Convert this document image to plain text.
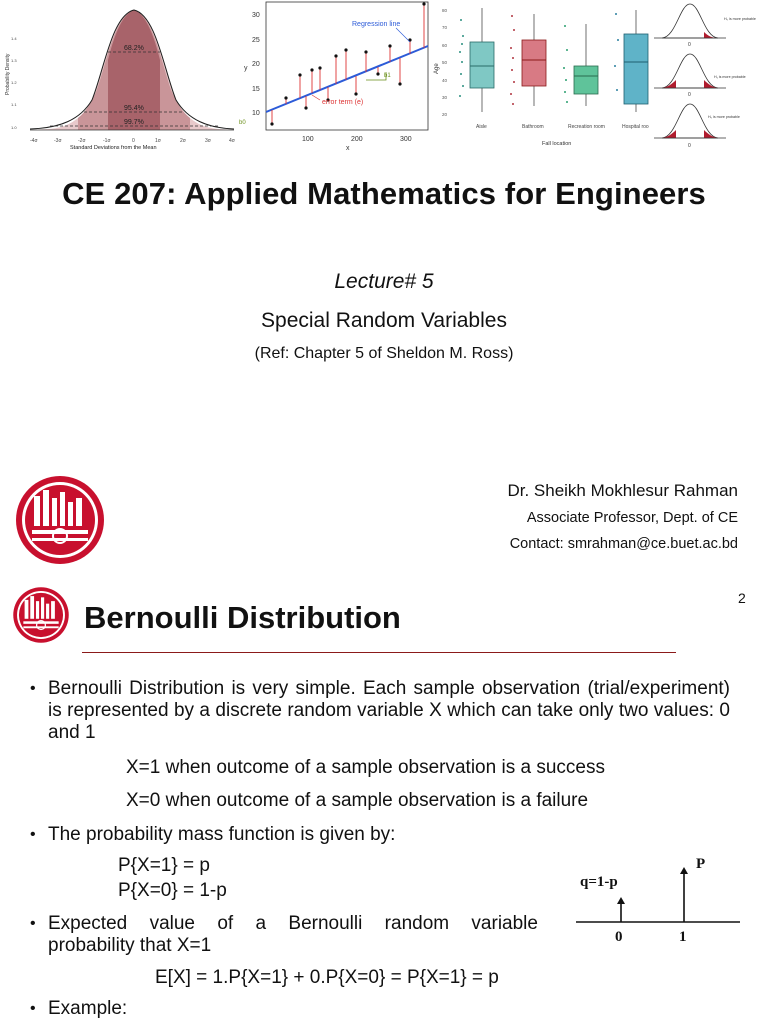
68.2%
95.4%
99.7%
1.4
1.3
1.2
1.1
1.0
Probability Density
-4σ	-3σ	-2σ	-1σ	0	1σ	2σ	3σ	4σ
Standard Deviations from the Mean
30
25
20
15
10
y
100	200	300
x
Regression line
error term (e)
b1
b0
Age
80
70
60
50
40
30
20
Aisle	Bathroom	Recreation room	Hospital roo
Fall location
0
H₀ is more probable
0
H₁ is more probable
0
H₀ is more probable
CE 207: Applied Mathematics for Engineers
Lecture# 5
Special Random Variables
(Ref: Chapter 5 of Sheldon M. Ross)
Dr. Sheikh Mokhlesur Rahman
Associate Professor, Dept. of CE
Contact: smrahman@ce.buet.ac.bd
2
Bernoulli Distribution
• Bernoulli Distribution is very simple. Each sample observation (trial/experiment) is represented by a discrete random variable X which can take only two values: 0 and 1
X=1 when outcome of a sample observation is a success
X=0 when outcome of a sample observation is a failure
• The probability mass function is given by:
P{X=1} = p
P{X=0} = 1-p
• Expected value of a Bernoulli random variable
probability that X=1
E[X] = 1.P{X=1} + 0.P{X=0} = P{X=1} = p
• Example:
q=1-p
P
0	1
